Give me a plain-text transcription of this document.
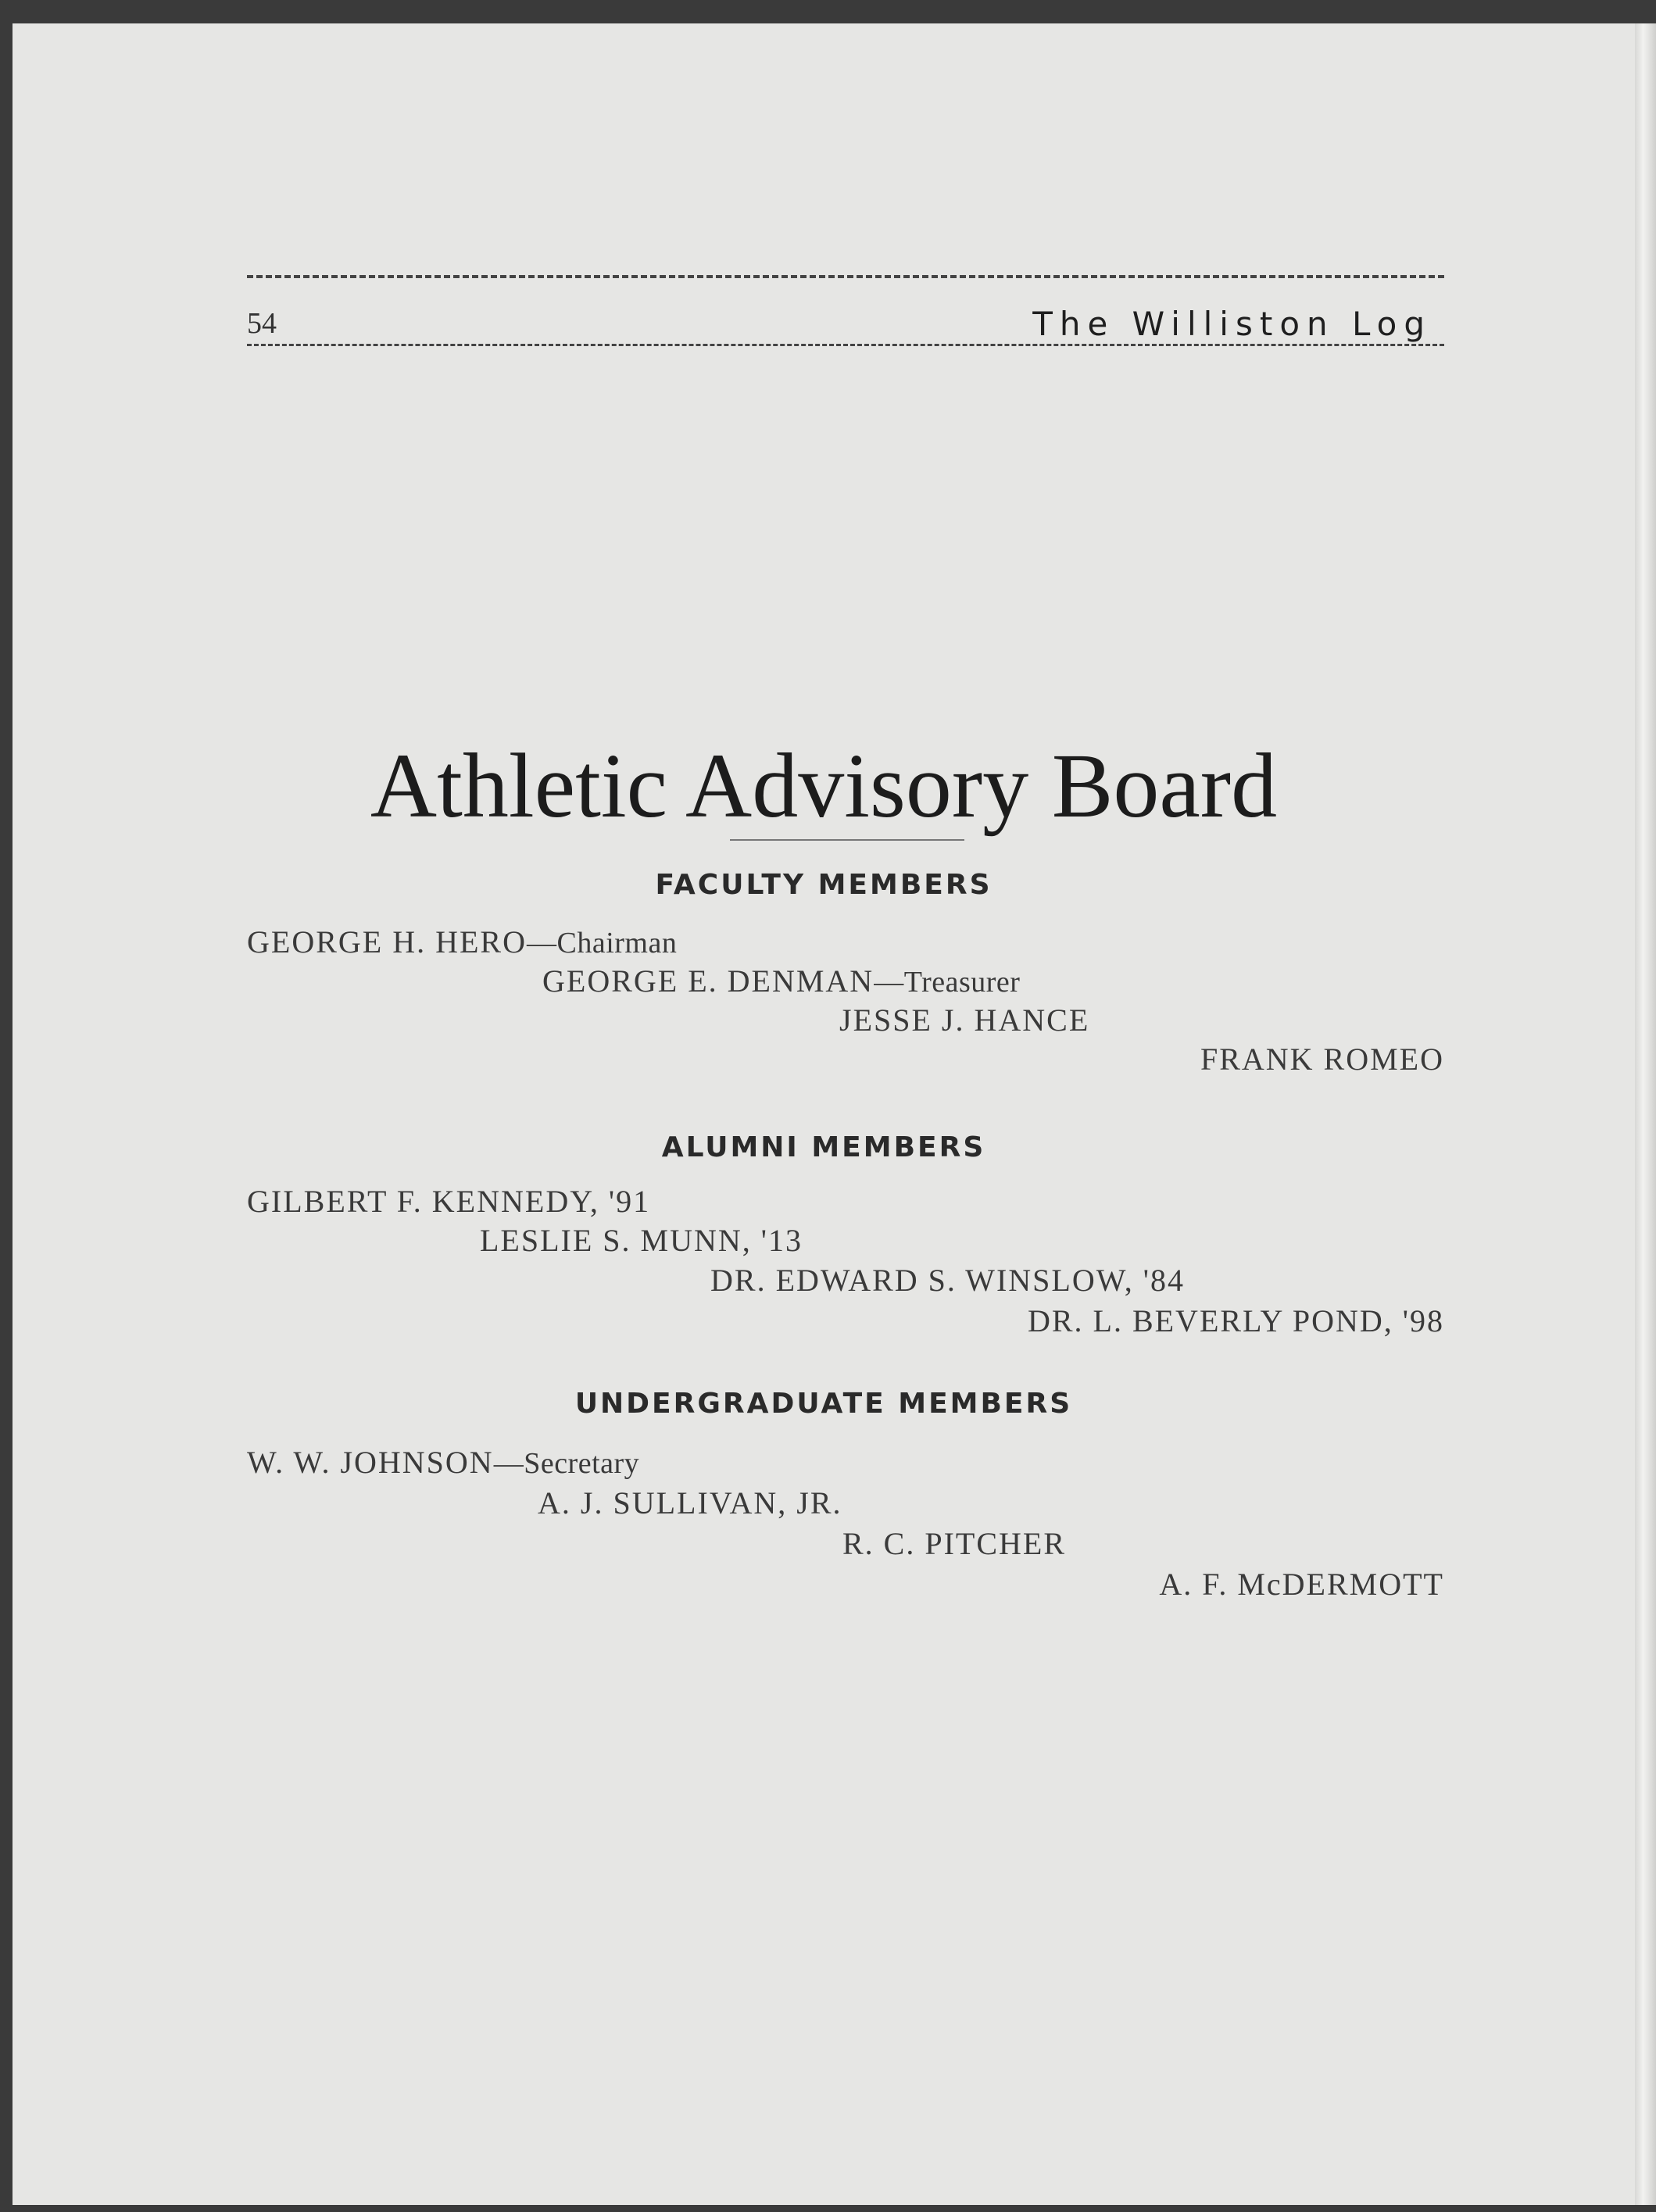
54	The Williston Log
Athletic Advisory Board
FACULTY MEMBERS
GEORGE H. HERO—Chairman
GEORGE E. DENMAN—Treasurer
JESSE J. HANCE
FRANK ROMEO
ALUMNI MEMBERS
GILBERT F. KENNEDY, '91
LESLIE S. MUNN, '13
DR. EDWARD S. WINSLOW, '84
DR. L. BEVERLY POND, '98
UNDERGRADUATE MEMBERS
W. W. JOHNSON—Secretary
A. J. SULLIVAN, JR.
R. C. PITCHER
A. F. McDERMOTT
